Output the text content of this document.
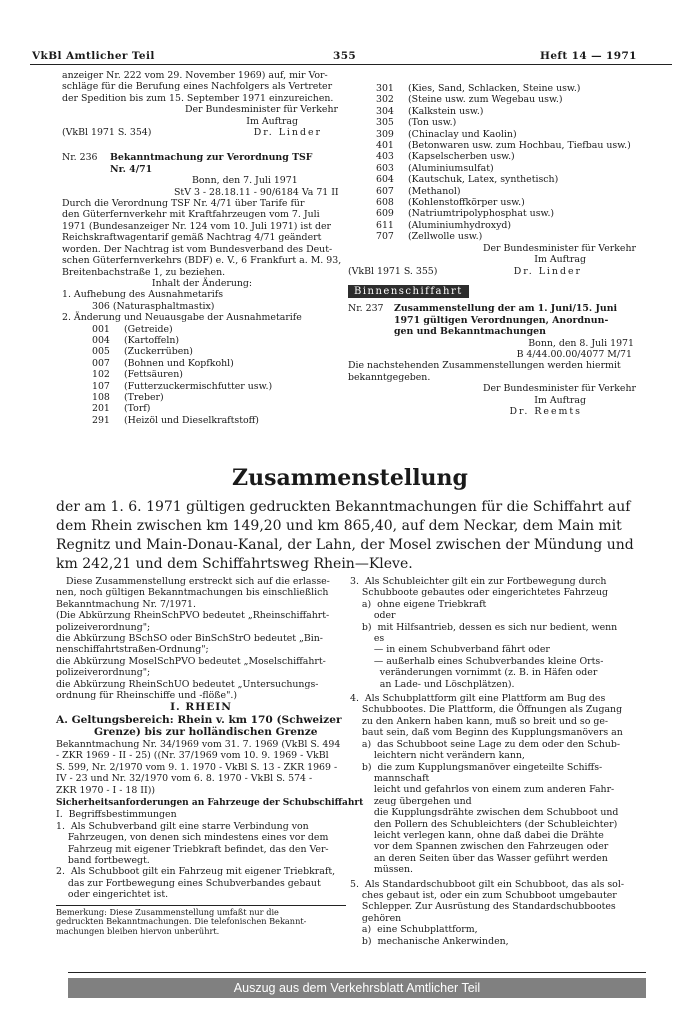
VkBl Amtlicher Teil	355	Heft 14 — 1971
anzeiger Nr. 222 vom 29. November 1969) auf, mir Vor-
schläge für die Berufung eines Nachfolgers als Vertreter
der Spedition bis zum 15. September 1971 einzureichen.
Der Bundesminister für Verkehr
Im Auftrag
(VkBl 1971 S. 354)	Dr. Linder
Nr. 236	Bekanntmachung zur Verordnung TSF
Nr. 4/71
Bonn, den 7. Juli 1971
StV 3 - 28.18.11 - 90/6184 Va 71 II
Durch die Verordnung TSF Nr. 4/71 über Tarife für
den Güterfernverkehr mit Kraftfahrzeugen vom 7. Juli
1971 (Bundesanzeiger Nr. 124 vom 10. Juli 1971) ist der
Reichskraftwagentarif gemäß Nachtrag 4/71 geändert
worden. Der Nachtrag ist vom Bundesverband des Deut-
schen Güterfernverkehrs (BDF) e. V., 6 Frankfurt a. M. 93,
Breitenbachstraße 1, zu beziehen.
Inhalt der Änderung:
1. Aufhebung des Ausnahmetarifs
306 (Naturasphaltmastix)
2. Änderung und Neuausgabe der Ausnahmetarife
001	(Getreide)
004	(Kartoffeln)
005	(Zuckerrüben)
007	(Bohnen und Kopfkohl)
102	(Fettsäuren)
107	(Futterzuckermischfutter usw.)
108	(Treber)
201	(Torf)
291	(Heizöl und Dieselkraftstoff)
301	(Kies, Sand, Schlacken, Steine usw.)
302	(Steine usw. zum Wegebau usw.)
304	(Kalkstein usw.)
305	(Ton usw.)
309	(Chinaclay und Kaolin)
401	(Betonwaren usw. zum Hochbau, Tiefbau usw.)
403	(Kapselscherben usw.)
603	(Aluminiumsulfat)
604	(Kautschuk, Latex, synthetisch)
607	(Methanol)
608	(Kohlenstoffkörper usw.)
609	(Natriumtripolyphosphat usw.)
611	(Aluminiumhydroxyd)
707	(Zellwolle usw.)
Der Bundesminister für Verkehr
Im Auftrag
(VkBl 1971 S. 355)	Dr. Linder
Binnenschiffahrt
Nr. 237	Zusammenstellung der am 1. Juni/15. Juni
1971 gültigen Verordnungen, Anordnun-
gen und Bekanntmachungen
Bonn, den 8. Juli 1971
B 4/44.00.00/4077 M/71
Die nachstehenden Zusammenstellungen werden hiermit
bekanntgegeben.
Der Bundesminister für Verkehr
Im Auftrag
Dr. Reemts
Zusammenstellung
der am 1. 6. 1971 gültigen gedruckten Bekanntmachungen für die Schiffahrt auf
dem Rhein zwischen km 149,20 und km 865,40, auf dem Neckar, dem Main mit
Regnitz und Main-Donau-Kanal, der Lahn, der Mosel zwischen der Mündung und
km 242,21 und dem Schiffahrtsweg Rhein—Kleve.
Diese Zusammenstellung erstreckt sich auf die erlasse-
nen, noch gültigen Bekanntmachungen bis einschließlich
Bekanntmachung Nr. 7/1971.
(Die Abkürzung RheinSchPVO bedeutet „Rheinschiffahrt-
polizeiverordnung";
die Abkürzung BSchSO oder BinSchStrO bedeutet „Bin-
nenschiffahrtstraßen-Ordnung";
die Abkürzung MoselSchPVO bedeutet „Moselschiffahrt-
polizeiverordnung";
die Abkürzung RheinSchUO bedeutet „Untersuchungs-
ordnung für Rheinschiffe und -flöße".)
I. RHEIN
A. Geltungsbereich: Rhein v. km 170 (Schweizer
Grenze) bis zur holländischen Grenze
Bekanntmachung Nr. 34/1969 vom 31. 7. 1969 (VkBl S. 494
- ZKR 1969 - II - 25) ((Nr. 37/1969 vom 10. 9. 1969 - VkBl
S. 599, Nr. 2/1970 vom 9. 1. 1970 - VkBl S. 13 - ZKR 1969 -
IV - 23 und Nr. 32/1970 vom 6. 8. 1970 - VkBl S. 574 -
ZKR 1970 - I - 18 II))
Sicherheitsanforderungen an Fahrzeuge der Schubschiffahrt
I.  Begriffsbestimmungen
1.  Als Schubverband gilt eine starre Verbindung von
Fahrzeugen, von denen sich mindestens eines vor dem
Fahrzeug mit eigener Triebkraft befindet, das den Ver-
band fortbewegt.
2.  Als Schubboot gilt ein Fahrzeug mit eigener Triebkraft,
das zur Fortbewegung eines Schubverbandes gebaut
oder eingerichtet ist.
Bemerkung: Diese Zusammenstellung umfaßt nur die
gedruckten Bekanntmachungen. Die telefonischen Bekannt-
machungen bleiben hiervon unberührt.
3.  Als Schubleichter gilt ein zur Fortbewegung durch
Schubboote gebautes oder eingerichtetes Fahrzeug
a)  ohne eigene Triebkraft
oder
b)  mit Hilfsantrieb, dessen es sich nur bedient, wenn
es
— in einem Schubverband fährt oder
— außerhalb eines Schubverbandes kleine Orts-
veränderungen vornimmt (z. B. in Häfen oder
an Lade- und Löschplätzen).
4.  Als Schubplattform gilt eine Plattform am Bug des
Schubbootes. Die Plattform, die Öffnungen als Zugang
zu den Ankern haben kann, muß so breit und so ge-
baut sein, daß vom Beginn des Kupplungsmanövers an
a)  das Schubboot seine Lage zu dem oder den Schub-
leichtern nicht verändern kann,
b)  die zum Kupplungsmanöver eingeteilte Schiffs-
mannschaft
leicht und gefahrlos von einem zum anderen Fahr-
zeug übergehen und
die Kupplungsdrähte zwischen dem Schubboot und
den Pollern des Schubleichters (der Schubleichter)
leicht verlegen kann, ohne daß dabei die Drähte
vor dem Spannen zwischen den Fahrzeugen oder
an deren Seiten über das Wasser geführt werden
müssen.
5.  Als Standardschubboot gilt ein Schubboot, das als sol-
ches gebaut ist, oder ein zum Schubboot umgebauter
Schlepper. Zur Ausrüstung des Standardschubbootes
gehören
a)  eine Schubplattform,
b)  mechanische Ankerwinden,
Auszug aus dem Verkehrsblatt Amtlicher Teil
